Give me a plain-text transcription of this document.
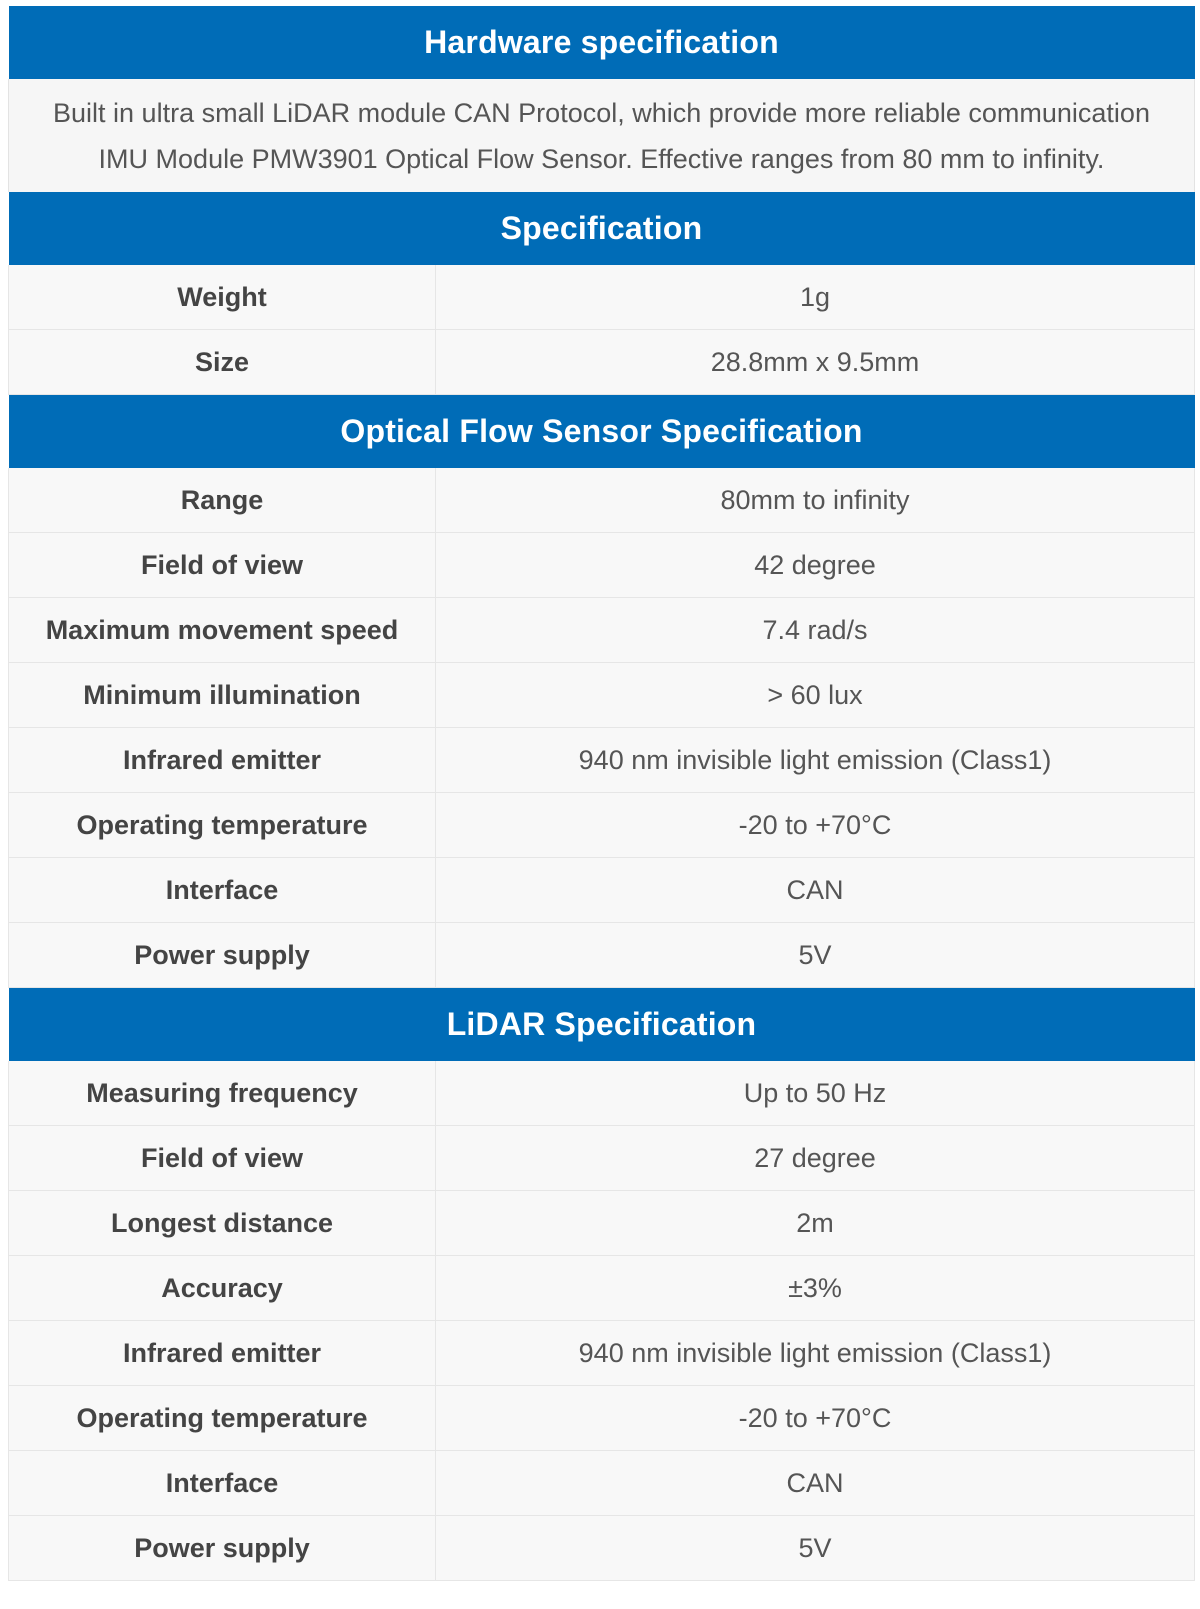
Hardware specification	

Built in ultra small LiDAR module CAN Protocol, which provide more reliable communication
IMU Module PMW3901 Optical Flow Sensor. Effective ranges from 80 mm to infinity.	

Specification	
Weight	1g
Size	28.8mm x 9.5mm
Optical Flow Sensor Specification	
Range	80mm to infinity
Field of view	42 degree
Maximum movement speed	7.4 rad/s
Minimum illumination	> 60 lux
Infrared emitter	940 nm invisible light emission (Class1)
Operating temperature	-20 to +70°C
Interface	CAN
Power supply	5V
LiDAR Specification	
Measuring frequency	Up to 50 Hz
Field of view	27 degree
Longest distance	2m
Accuracy	±3%
Infrared emitter	940 nm invisible light emission (Class1)
Operating temperature	-20 to +70°C
Interface	CAN
Power supply	5V
